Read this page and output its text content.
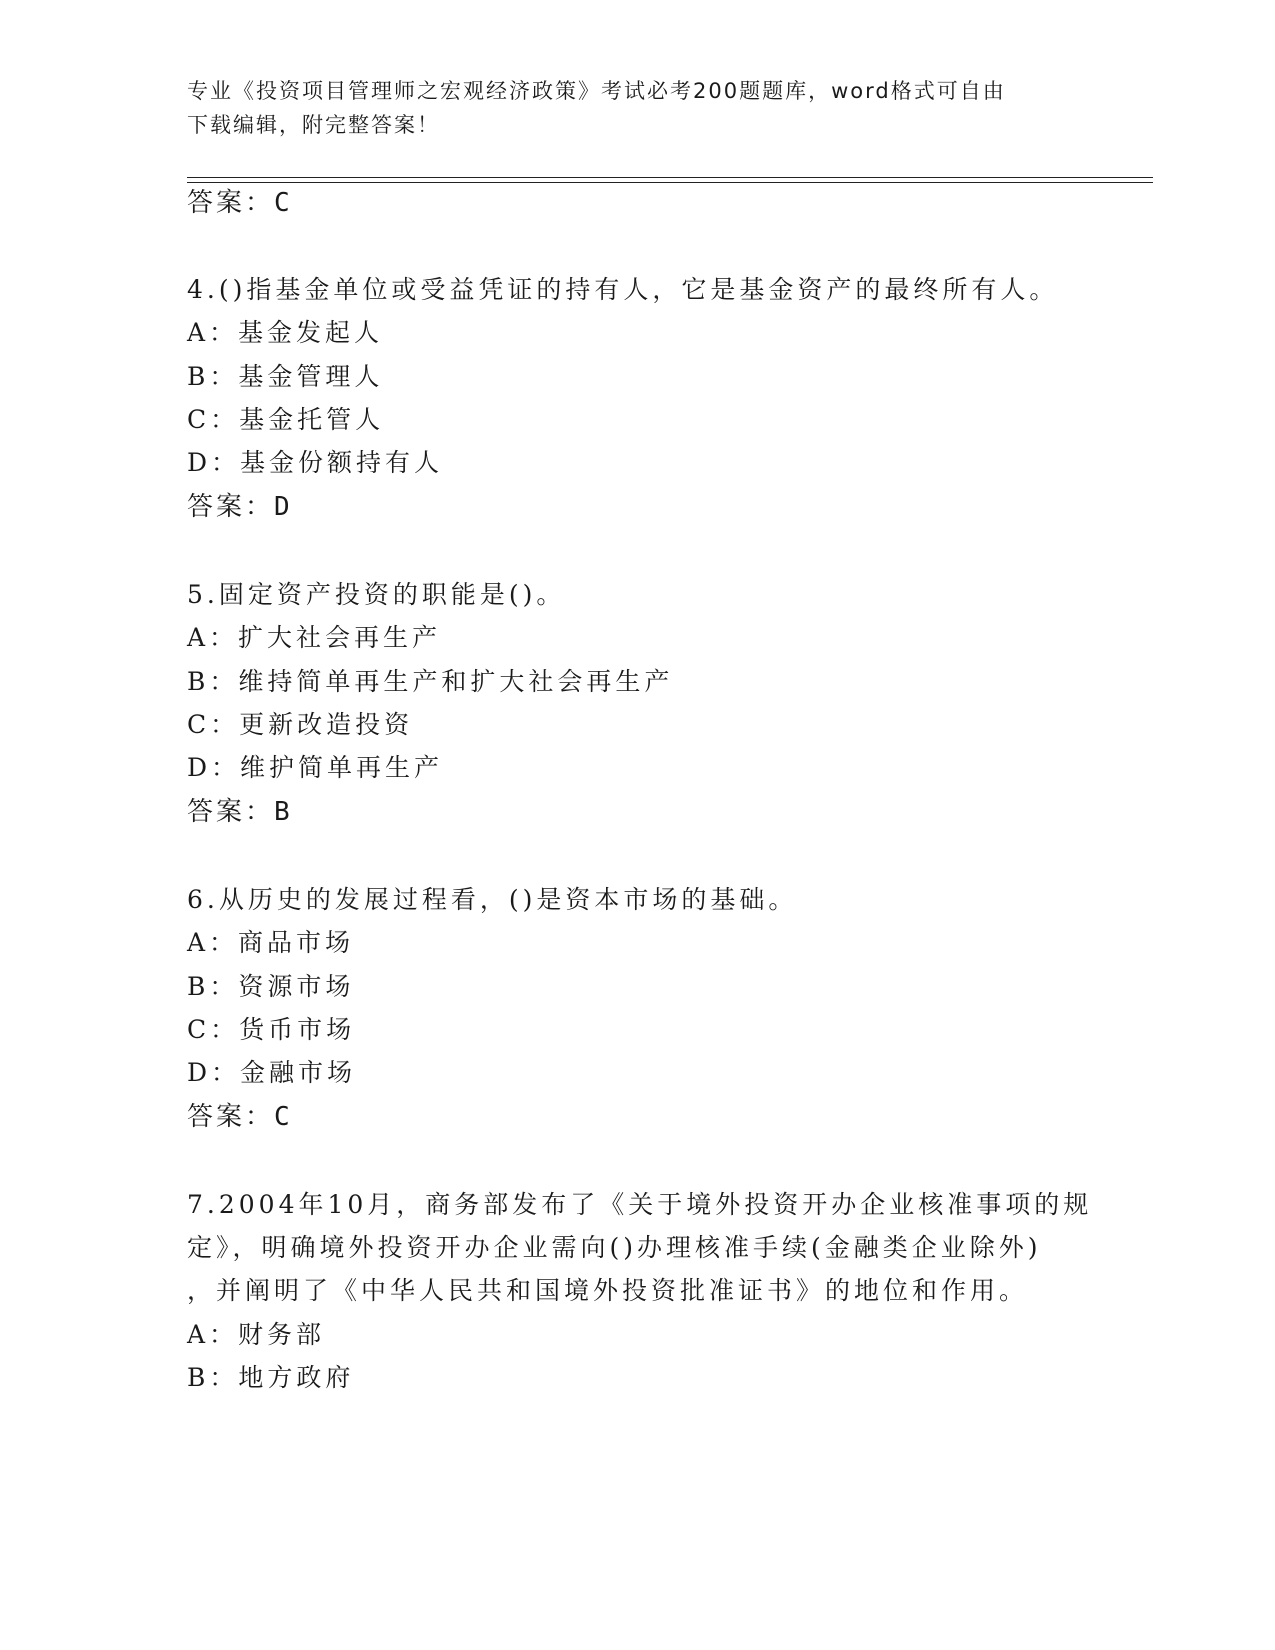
专业《投资项目管理师之宏观经济政策》考试必考200题题库，word格式可自由
下载编辑，附完整答案！
答案：C
4.()指基金单位或受益凭证的持有人，它是基金资产的最终所有人。
A：基金发起人
B：基金管理人
C：基金托管人
D：基金份额持有人
答案：D
5.固定资产投资的职能是()。
A：扩大社会再生产
B：维持简单再生产和扩大社会再生产
C：更新改造投资
D：维护简单再生产
答案：B
6.从历史的发展过程看，()是资本市场的基础。
A：商品市场
B：资源市场
C：货币市场
D：金融市场
答案：C
7.2004年10月，商务部发布了《关于境外投资开办企业核准事项的规
定》，明确境外投资开办企业需向()办理核准手续(金融类企业除外)
，并阐明了《中华人民共和国境外投资批准证书》的地位和作用。
A：财务部
B：地方政府
